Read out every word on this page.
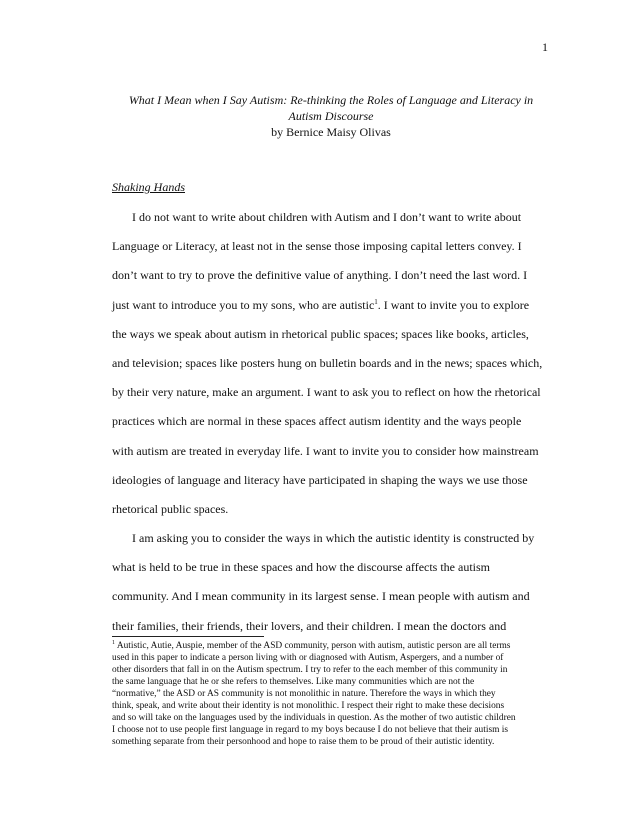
1
What I Mean when I Say Autism: Re-thinking the Roles of Language and Literacy in
Autism Discourse
by Bernice Maisy Olivas
Shaking Hands
I do not want to write about children with Autism and I don’t want to write about
Language or Literacy, at least not in the sense those imposing capital letters convey. I
don’t want to try to prove the definitive value of anything. I don’t need the last word. I
just want to introduce you to my sons, who are autistic$^1$. I want to invite you to explore
the ways we speak about autism in rhetorical public spaces; spaces like books, articles,
and television; spaces like posters hung on bulletin boards and in the news; spaces which,
by their very nature, make an argument. I want to ask you to reflect on how the rhetorical
practices which are normal in these spaces affect autism identity and the ways people
with autism are treated in everyday life. I want to invite you to consider how mainstream
ideologies of language and literacy have participated in shaping the ways we use those
rhetorical public spaces.
I am asking you to consider the ways in which the autistic identity is constructed by
what is held to be true in these spaces and how the discourse affects the autism
community. And I mean community in its largest sense. I mean people with autism and
their families, their friends, their lovers, and their children. I mean the doctors and
$^1$ Autistic, Autie, Auspie, member of the ASD community, person with autism, autistic person are all terms
used in this paper to indicate a person living with or diagnosed with Autism, Aspergers, and a number of
other disorders that fall in on the Autism spectrum. I try to refer to the each member of this community in
the same language that he or she refers to themselves. Like many communities which are not the
“normative,” the ASD or AS community is not monolithic in nature. Therefore the ways in which they
think, speak, and write about their identity is not monolithic. I respect their right to make these decisions
and so will take on the languages used by the individuals in question. As the mother of two autistic children
I choose not to use people first language in regard to my boys because I do not believe that their autism is
something separate from their personhood and hope to raise them to be proud of their autistic identity.
